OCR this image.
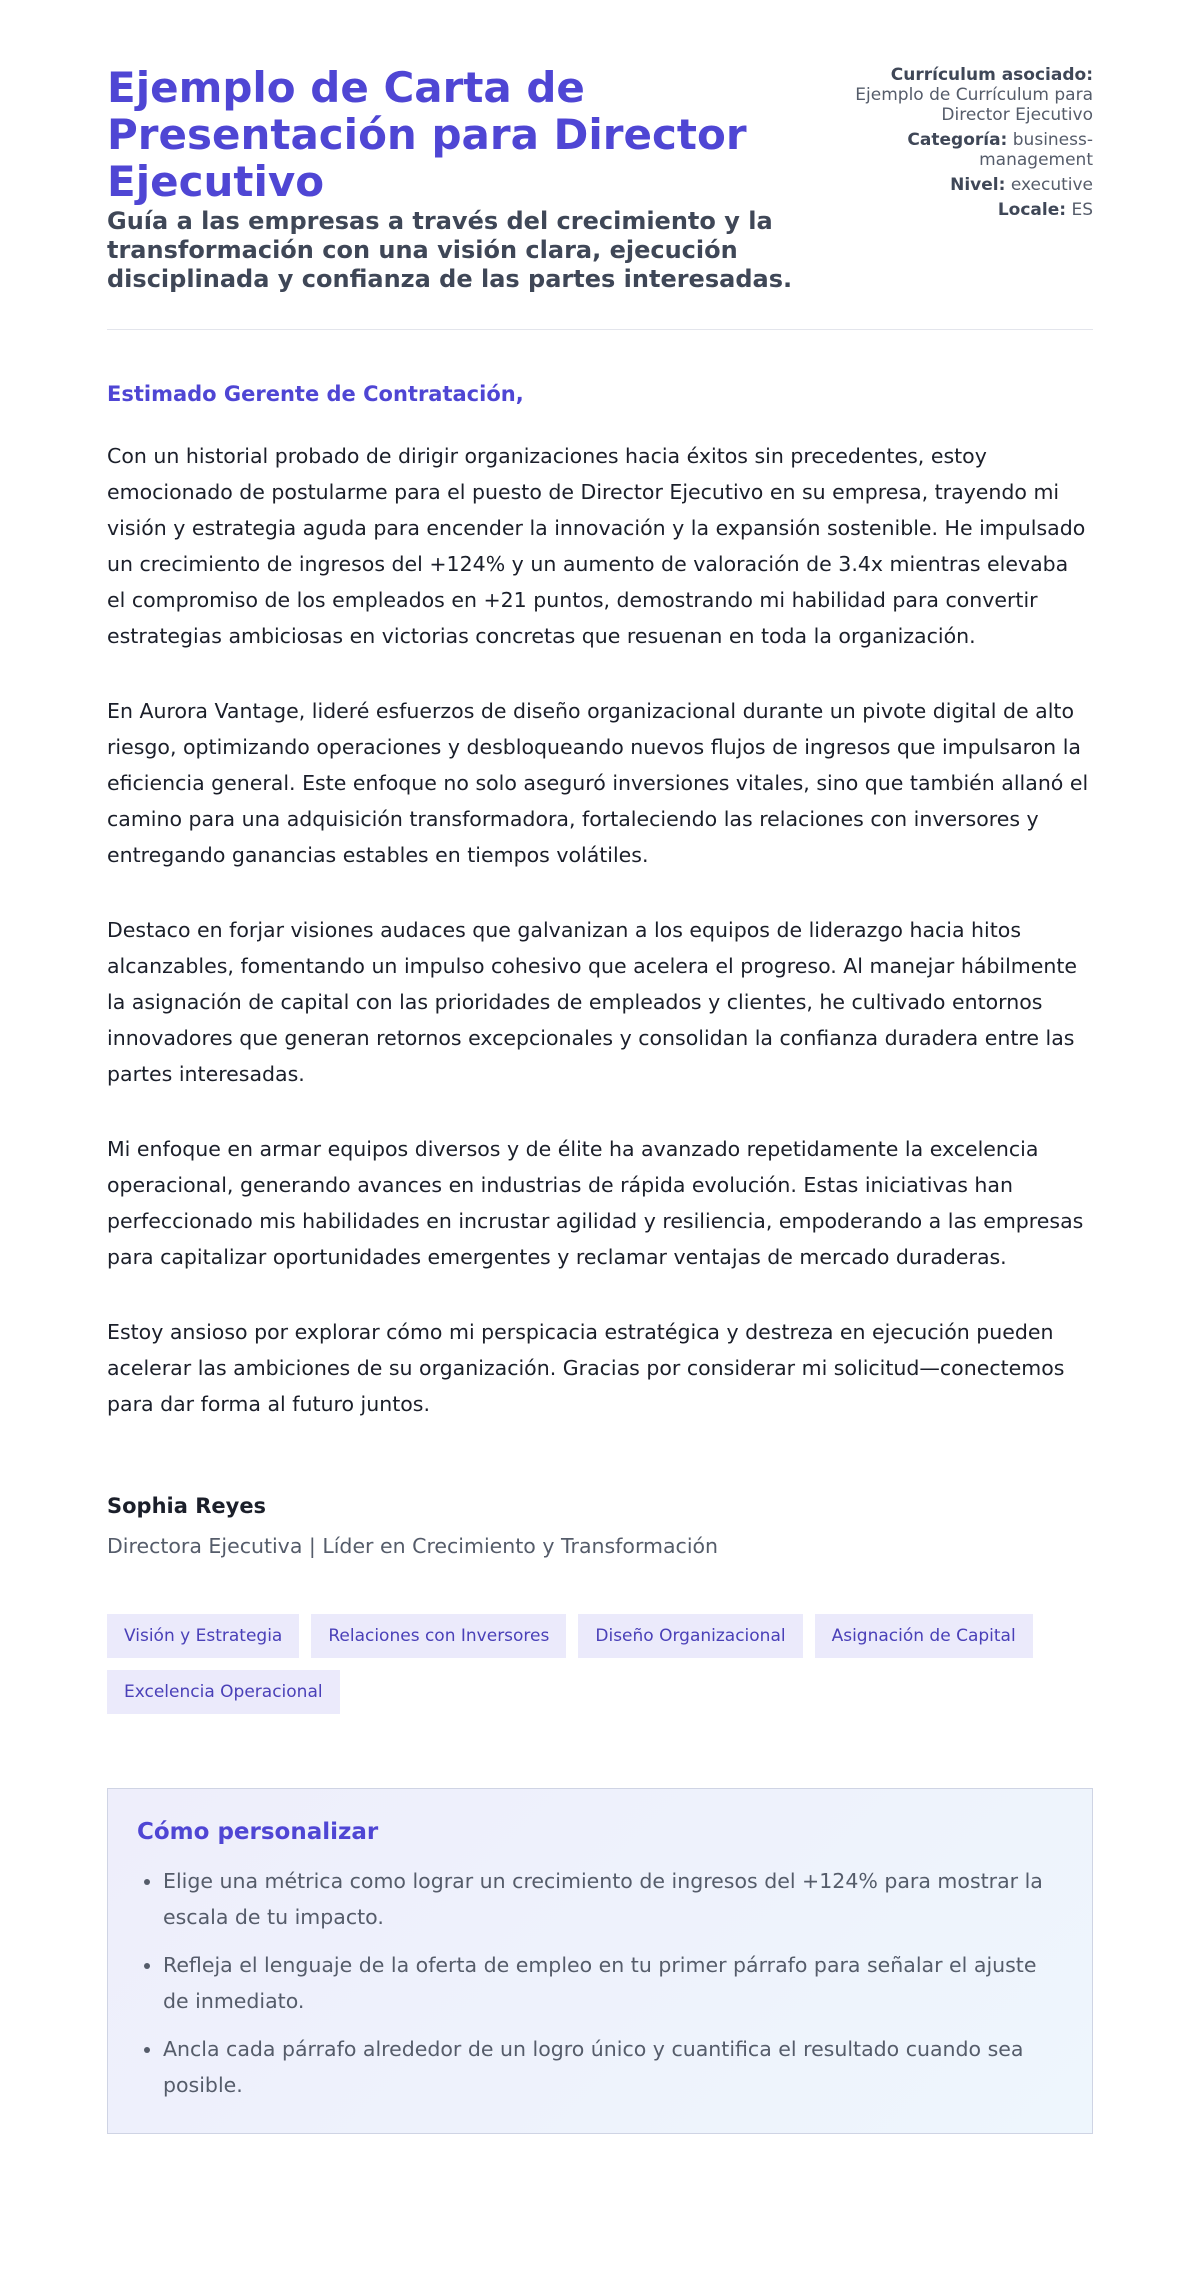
Ejemplo de Carta de Presentación para Director Ejecutivo
Guía a las empresas a través del crecimiento y la transformación con una visión clara, ejecución disciplinada y confianza de las partes interesadas.
Currículum asociado: Ejemplo de Currículum para Director Ejecutivo
Categoría: business-management
Nivel: executive
Locale: ES

Estimado Gerente de Contratación,

Con un historial probado de dirigir organizaciones hacia éxitos sin precedentes, estoy emocionado de postularme para el puesto de Director Ejecutivo en su empresa, trayendo mi visión y estrategia aguda para encender la innovación y la expansión sostenible. He impulsado un crecimiento de ingresos del +124% y un aumento de valoración de 3.4x mientras elevaba el compromiso de los empleados en +21 puntos, demostrando mi habilidad para convertir estrategias ambiciosas en victorias concretas que resuenan en toda la organización.

En Aurora Vantage, lideré esfuerzos de diseño organizacional durante un pivote digital de alto riesgo, optimizando operaciones y desbloqueando nuevos flujos de ingresos que impulsaron la eficiencia general. Este enfoque no solo aseguró inversiones vitales, sino que también allanó el camino para una adquisición transformadora, fortaleciendo las relaciones con inversores y entregando ganancias estables en tiempos volátiles.

Destaco en forjar visiones audaces que galvanizan a los equipos de liderazgo hacia hitos alcanzables, fomentando un impulso cohesivo que acelera el progreso. Al manejar hábilmente la asignación de capital con las prioridades de empleados y clientes, he cultivado entornos innovadores que generan retornos excepcionales y consolidan la confianza duradera entre las partes interesadas.

Mi enfoque en armar equipos diversos y de élite ha avanzado repetidamente la excelencia operacional, generando avances en industrias de rápida evolución. Estas iniciativas han perfeccionado mis habilidades en incrustar agilidad y resiliencia, empoderando a las empresas para capitalizar oportunidades emergentes y reclamar ventajas de mercado duraderas.

Estoy ansioso por explorar cómo mi perspicacia estratégica y destreza en ejecución pueden acelerar las ambiciones de su organización. Gracias por considerar mi solicitud—conectemos para dar forma al futuro juntos.

Sophia Reyes

Directora Ejecutiva | Líder en Crecimiento y Transformación

Visión y Estrategia	Relaciones con Inversores	Diseño Organizacional	Asignación de Capital
Excelencia Operacional
Cómo personalizar
• Elige una métrica como lograr un crecimiento de ingresos del +124% para mostrar la escala de tu impacto.
• Refleja el lenguaje de la oferta de empleo en tu primer párrafo para señalar el ajuste de inmediato.
• Ancla cada párrafo alrededor de un logro único y cuantifica el resultado cuando sea posible.
